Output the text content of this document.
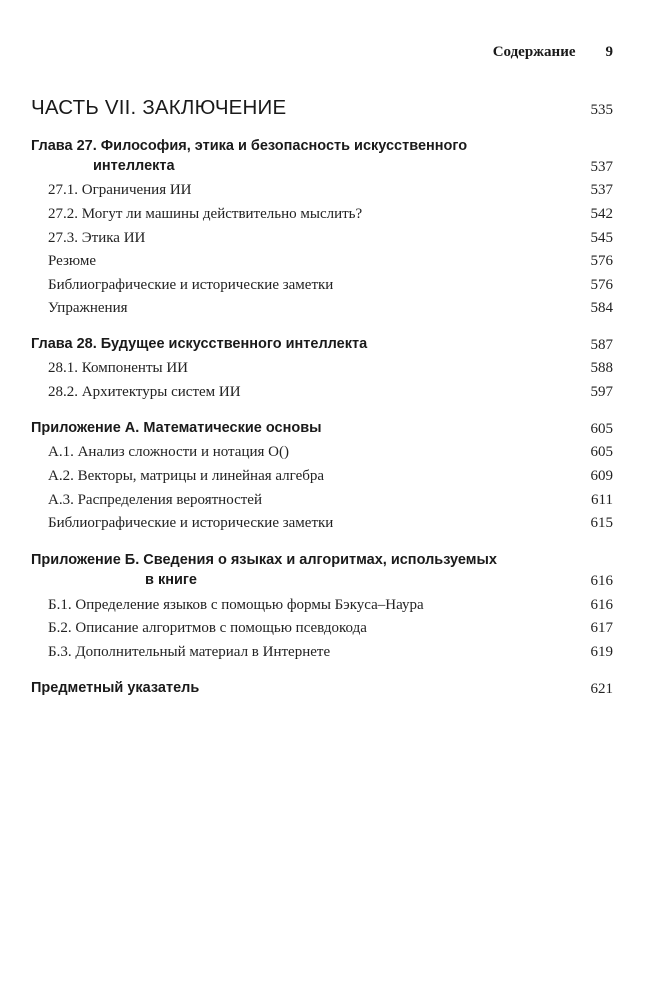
Содержание 9
ЧАСТЬ VII. ЗАКЛЮЧЕНИЕ	535
Глава 27. Философия, этика и безопасность искусственного
интеллекта	537
27.1. Ограничения ИИ	537
27.2. Могут ли машины действительно мыслить?	542
27.3. Этика ИИ	545
Резюме	576
Библиографические и исторические заметки	576
Упражнения	584
Глава 28. Будущее искусственного интеллекта	587
28.1. Компоненты ИИ	588
28.2. Архитектуры систем ИИ	597
Приложение А. Математические основы	605
А.1. Анализ сложности и нотация O()	605
А.2. Векторы, матрицы и линейная алгебра	609
А.3. Распределения вероятностей	611
Библиографические и исторические заметки	615
Приложение Б. Сведения о языках и алгоритмах, используемых
в книге	616
Б.1. Определение языков с помощью формы Бэкуса–Наура	616
Б.2. Описание алгоритмов с помощью псевдокода	617
Б.3. Дополнительный материал в Интернете	619
Предметный указатель	621
